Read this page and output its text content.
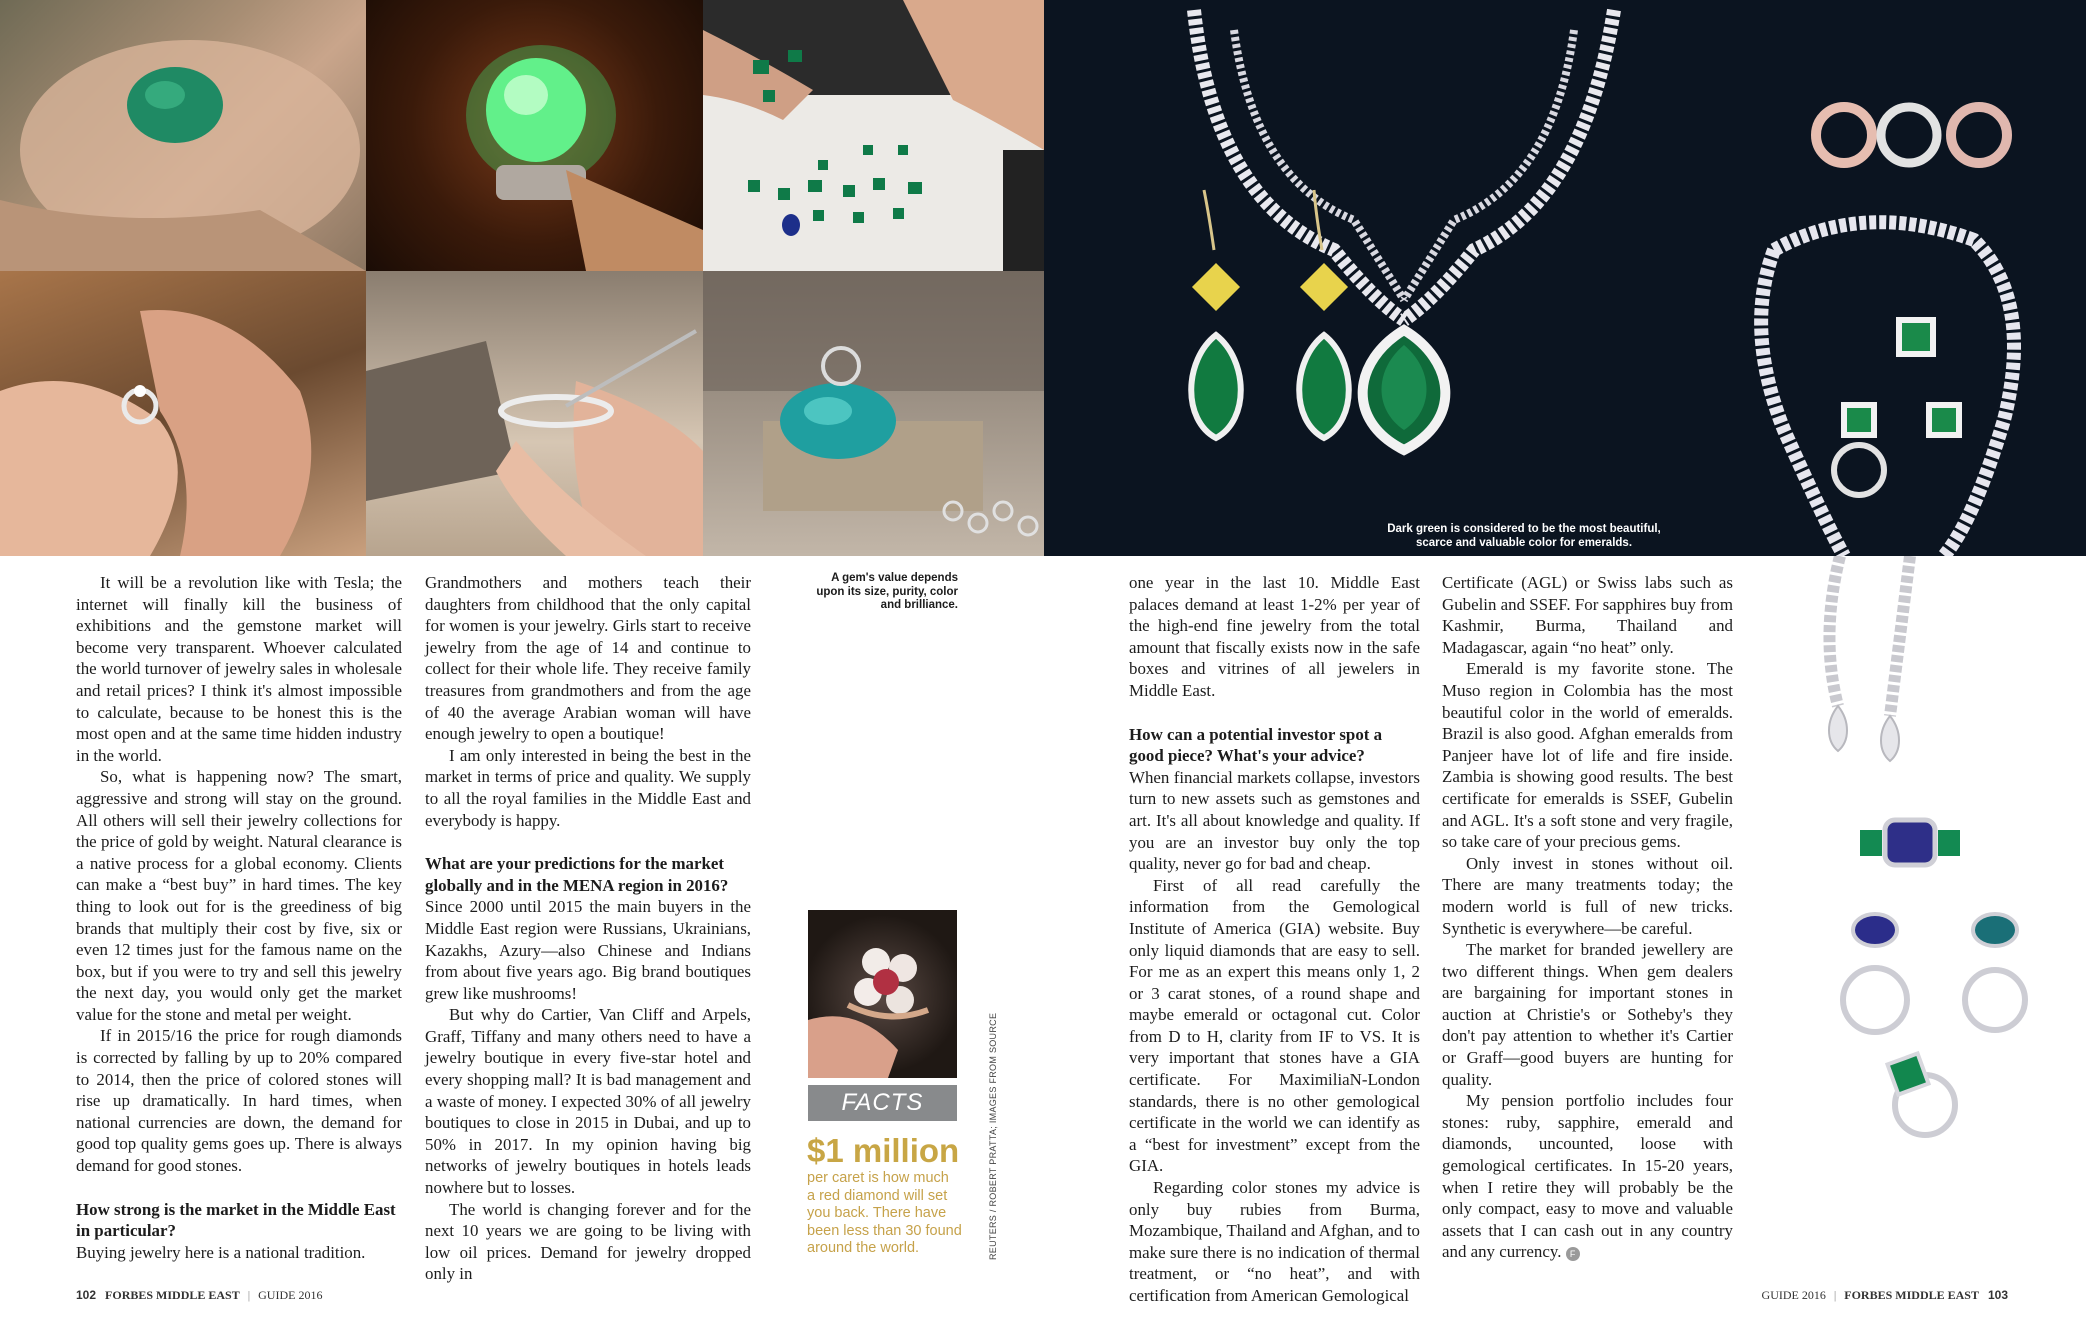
Dark green is considered to be the most beautiful,
scarce and valuable color for emeralds.
A gem's value depends
upon its size, purity, color
and brilliance.
FACTS
$1 million
per caret is how much
a red diamond will set
you back. There have
been less than 30 found
around the world.	REUTERS / ROBERT PRATTA; IMAGES FROM SOURCE

It will be a revolution like with Tesla; the internet will finally kill the business of exhibitions and the gemstone market will become very transparent. Whoever calculated the world turnover of jewelry sales in wholesale and retail prices? I think it's almost impossible to calculate, because to be honest this is the most open and at the same time hidden industry in the world.

So, what is happening now? The smart, aggressive and strong will stay on the ground. All others will sell their jewelry collections for the price of gold by weight. Natural clearance is a native process for a global economy. Clients can make a “best buy” in hard times. The key thing to look out for is the greediness of big brands that multiply their cost by five, six or even 12 times just for the famous name on the box, but if you were to try and sell this jewelry the next day, you would only get the market value for the stone and metal per weight.

If in 2015/16 the price for rough diamonds is corrected by falling by up to 20% compared to 2014, then the price of colored stones will rise up dramatically. In hard times, when national currencies are down, the demand for good top quality gems goes up. There is always demand for good stones.

How strong is the market in the Middle East in particular?

Buying jewelry here is a national tradition.

Grandmothers and mothers teach their daughters from childhood that the only capital for women is your jewelry. Girls start to receive jewelry from the age of 14 and continue to collect for their whole life. They receive family treasures from grandmothers and from the age of 40 the average Arabian woman will have enough jewelry to open a boutique!

I am only interested in being the best in the market in terms of price and quality. We supply to all the royal families in the Middle East and everybody is happy.

What are your predictions for the market globally and in the MENA region in 2016?

Since 2000 until 2015 the main buyers in the Middle East region were Russians, Ukrainians, Kazakhs, Azury—also Chinese and Indians from about five years ago. Big brand boutiques grew like mushrooms!

But why do Cartier, Van Cliff and Arpels, Graff, Tiffany and many others need to have a jewelry boutique in every five-star hotel and every shopping mall? It is bad management and a waste of money. I expected 30% of all jewelry boutiques to close in 2015 in Dubai, and up to 50% in 2017. In my opinion having big networks of jewelry boutiques in hotels leads nowhere but to losses.

The world is changing forever and for the next 10 years we are going to be living with low oil prices. Demand for jewelry dropped only in

one year in the last 10. Middle East palaces demand at least 1-2% per year of the high-end fine jewelry from the total amount that fiscally exists now in the safe boxes and vitrines of all jewelers in Middle East.

How can a potential investor spot a good piece? What's your advice?

When financial markets collapse, investors turn to new assets such as gemstones and art. It's all about knowledge and quality. If you are an investor buy only the top quality, never go for bad and cheap.

First of all read carefully the information from the Gemological Institute of America (GIA) website. Buy only liquid diamonds that are easy to sell. For me as an expert this means only 1, 2 or 3 carat stones, of a round shape and maybe emerald or octagonal cut. Color from D to H, clarity from IF to VS. It is very important that stones have a GIA certificate. For MaximiliaN-London standards, there is no other gemological certificate in the world we can identify as a “best for investment” except from the GIA.

Regarding color stones my advice is only buy rubies from Burma, Mozambique, Thailand and Afghan, and to make sure there is no indication of thermal treatment, or “no heat”, and with certification from American Gemological

Certificate (AGL) or Swiss labs such as Gubelin and SSEF. For sapphires buy from Kashmir, Burma, Thailand and Madagascar, again “no heat” only.

Emerald is my favorite stone. The Muso region in Colombia has the most beautiful color in the world of emeralds. Brazil is also good. Afghan emeralds from Panjeer have lot of life and fire inside. Zambia is showing good results. The best certificate for emeralds is SSEF, Gubelin and AGL. It's a soft stone and very fragile, so take care of your precious gems.

Only invest in stones without oil. There are many treatments today; the modern world is full of new tricks. Synthetic is everywhere—be careful.

The market for branded jewellery are two different things. When gem dealers are bargaining for important stones in auction at Christie's or Sotheby's they don't pay attention to whether it's Cartier or Graff—good buyers are hunting for quality.

My pension portfolio includes four stones: ruby, sapphire, emerald and diamonds, uncounted, loose with gemological certificates. In 15-20 years, when I retire they will probably be the only compact, easy to move and valuable assets that I can cash out in any country and any currency. F

102 FORBES MIDDLE EAST | GUIDE 2016	GUIDE 2016 | FORBES MIDDLE EAST 103
